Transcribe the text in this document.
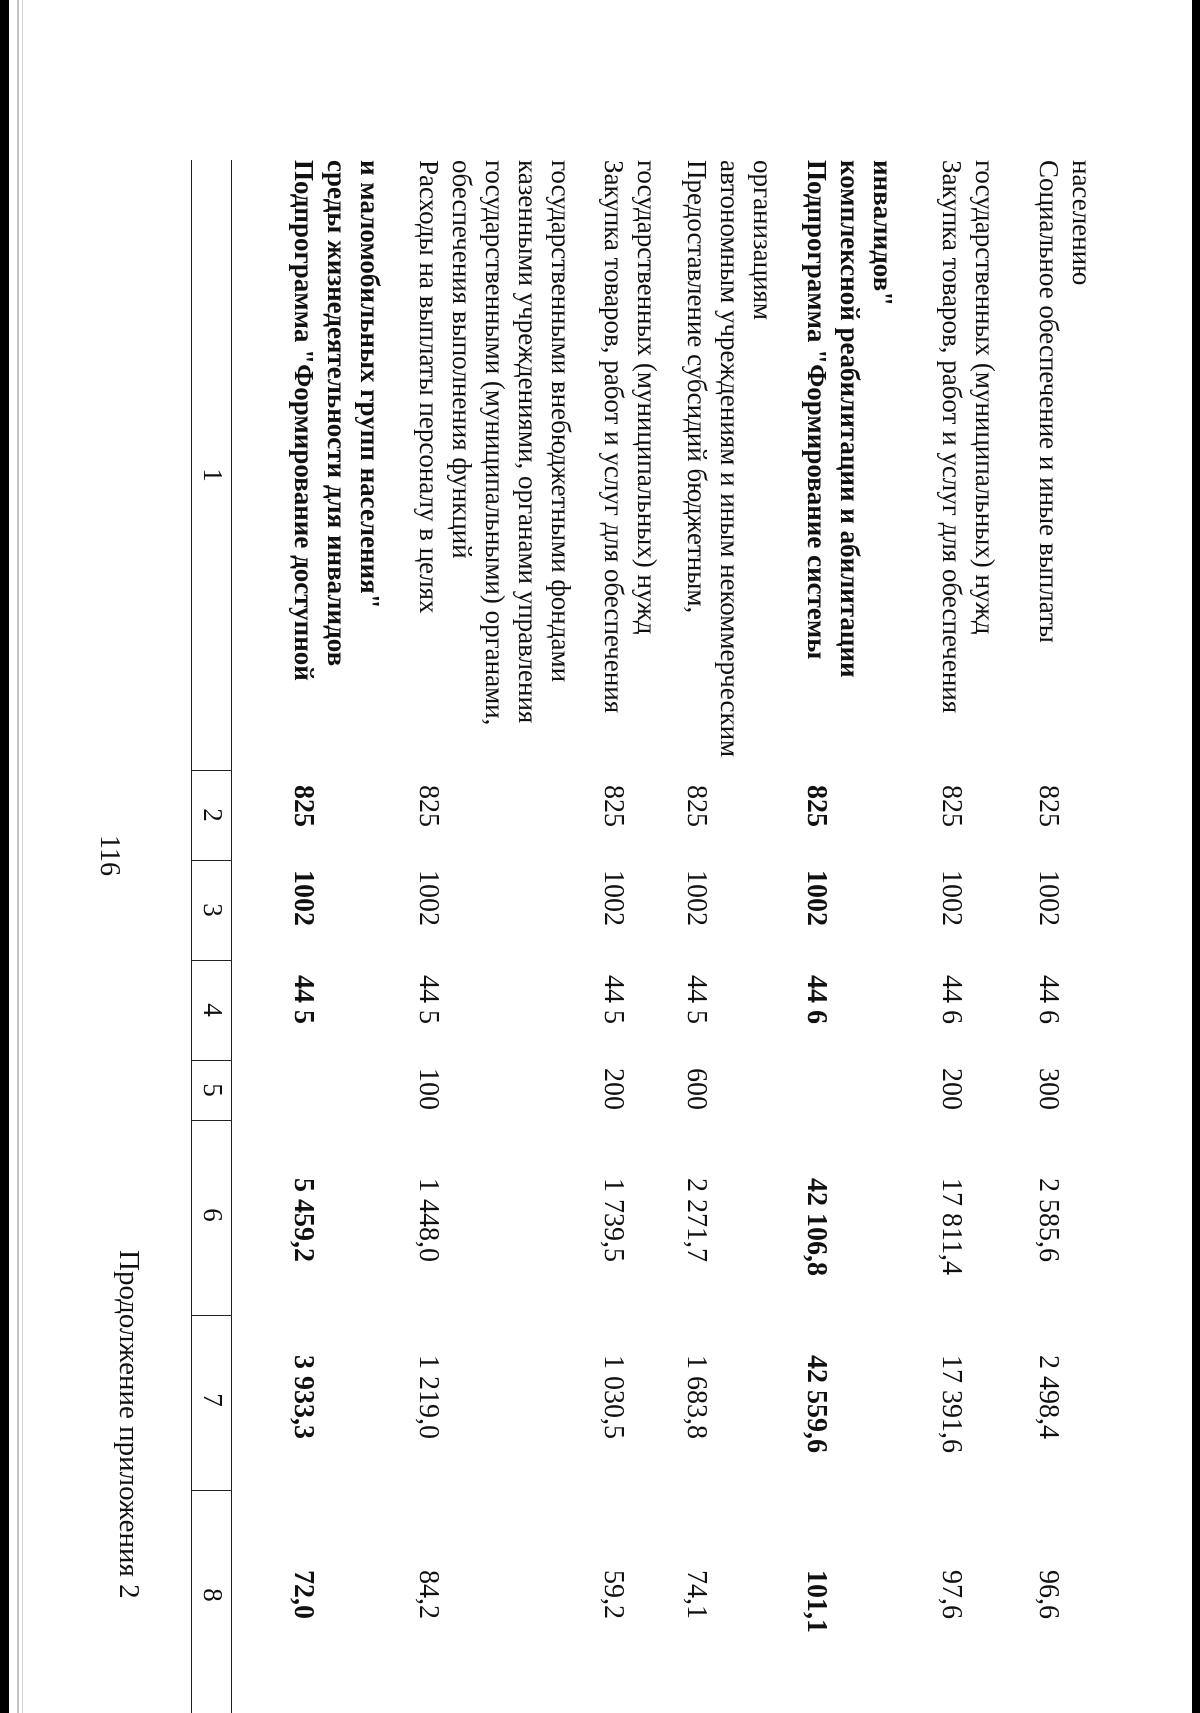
116
Продолжение приложения 2
1
2
3
4
5
6
7
8
Подпрограмма "Формирование доступной среды жизнедеятельности для инвалидов и маломобильных групп населения"
825
1002
44 5
5 459,2
3 933,3
72,0
Расходы на выплаты персоналу в целях обеспечения выполнения функций государственными (муниципальными) органами, казенными учреждениями, органами управления государственными внебюджетными фондами
825
1002
44 5
100
1 448,0
1 219,0
84,2
Закупка товаров, работ и услуг для обеспечения государственных (муниципальных) нужд
825
1002
44 5
200
1 739,5
1 030,5
59,2
Предоставление субсидий бюджетным, автономным учреждениям и иным некоммерческим организациям
825
1002
44 5
600
2 271,7
1 683,8
74,1
Подпрограмма "Формирование системы комплексной реабилитации и абилитации инвалидов"
825
1002
44 6
42 106,8
42 559,6
101,1
Закупка товаров, работ и услуг для обеспечения государственных (муниципальных) нужд
825
1002
44 6
200
17 811,4
17 391,6
97,6
Социальное обеспечение и иные выплаты населению
825
1002
44 6
300
2 585,6
2 498,4
96,6
